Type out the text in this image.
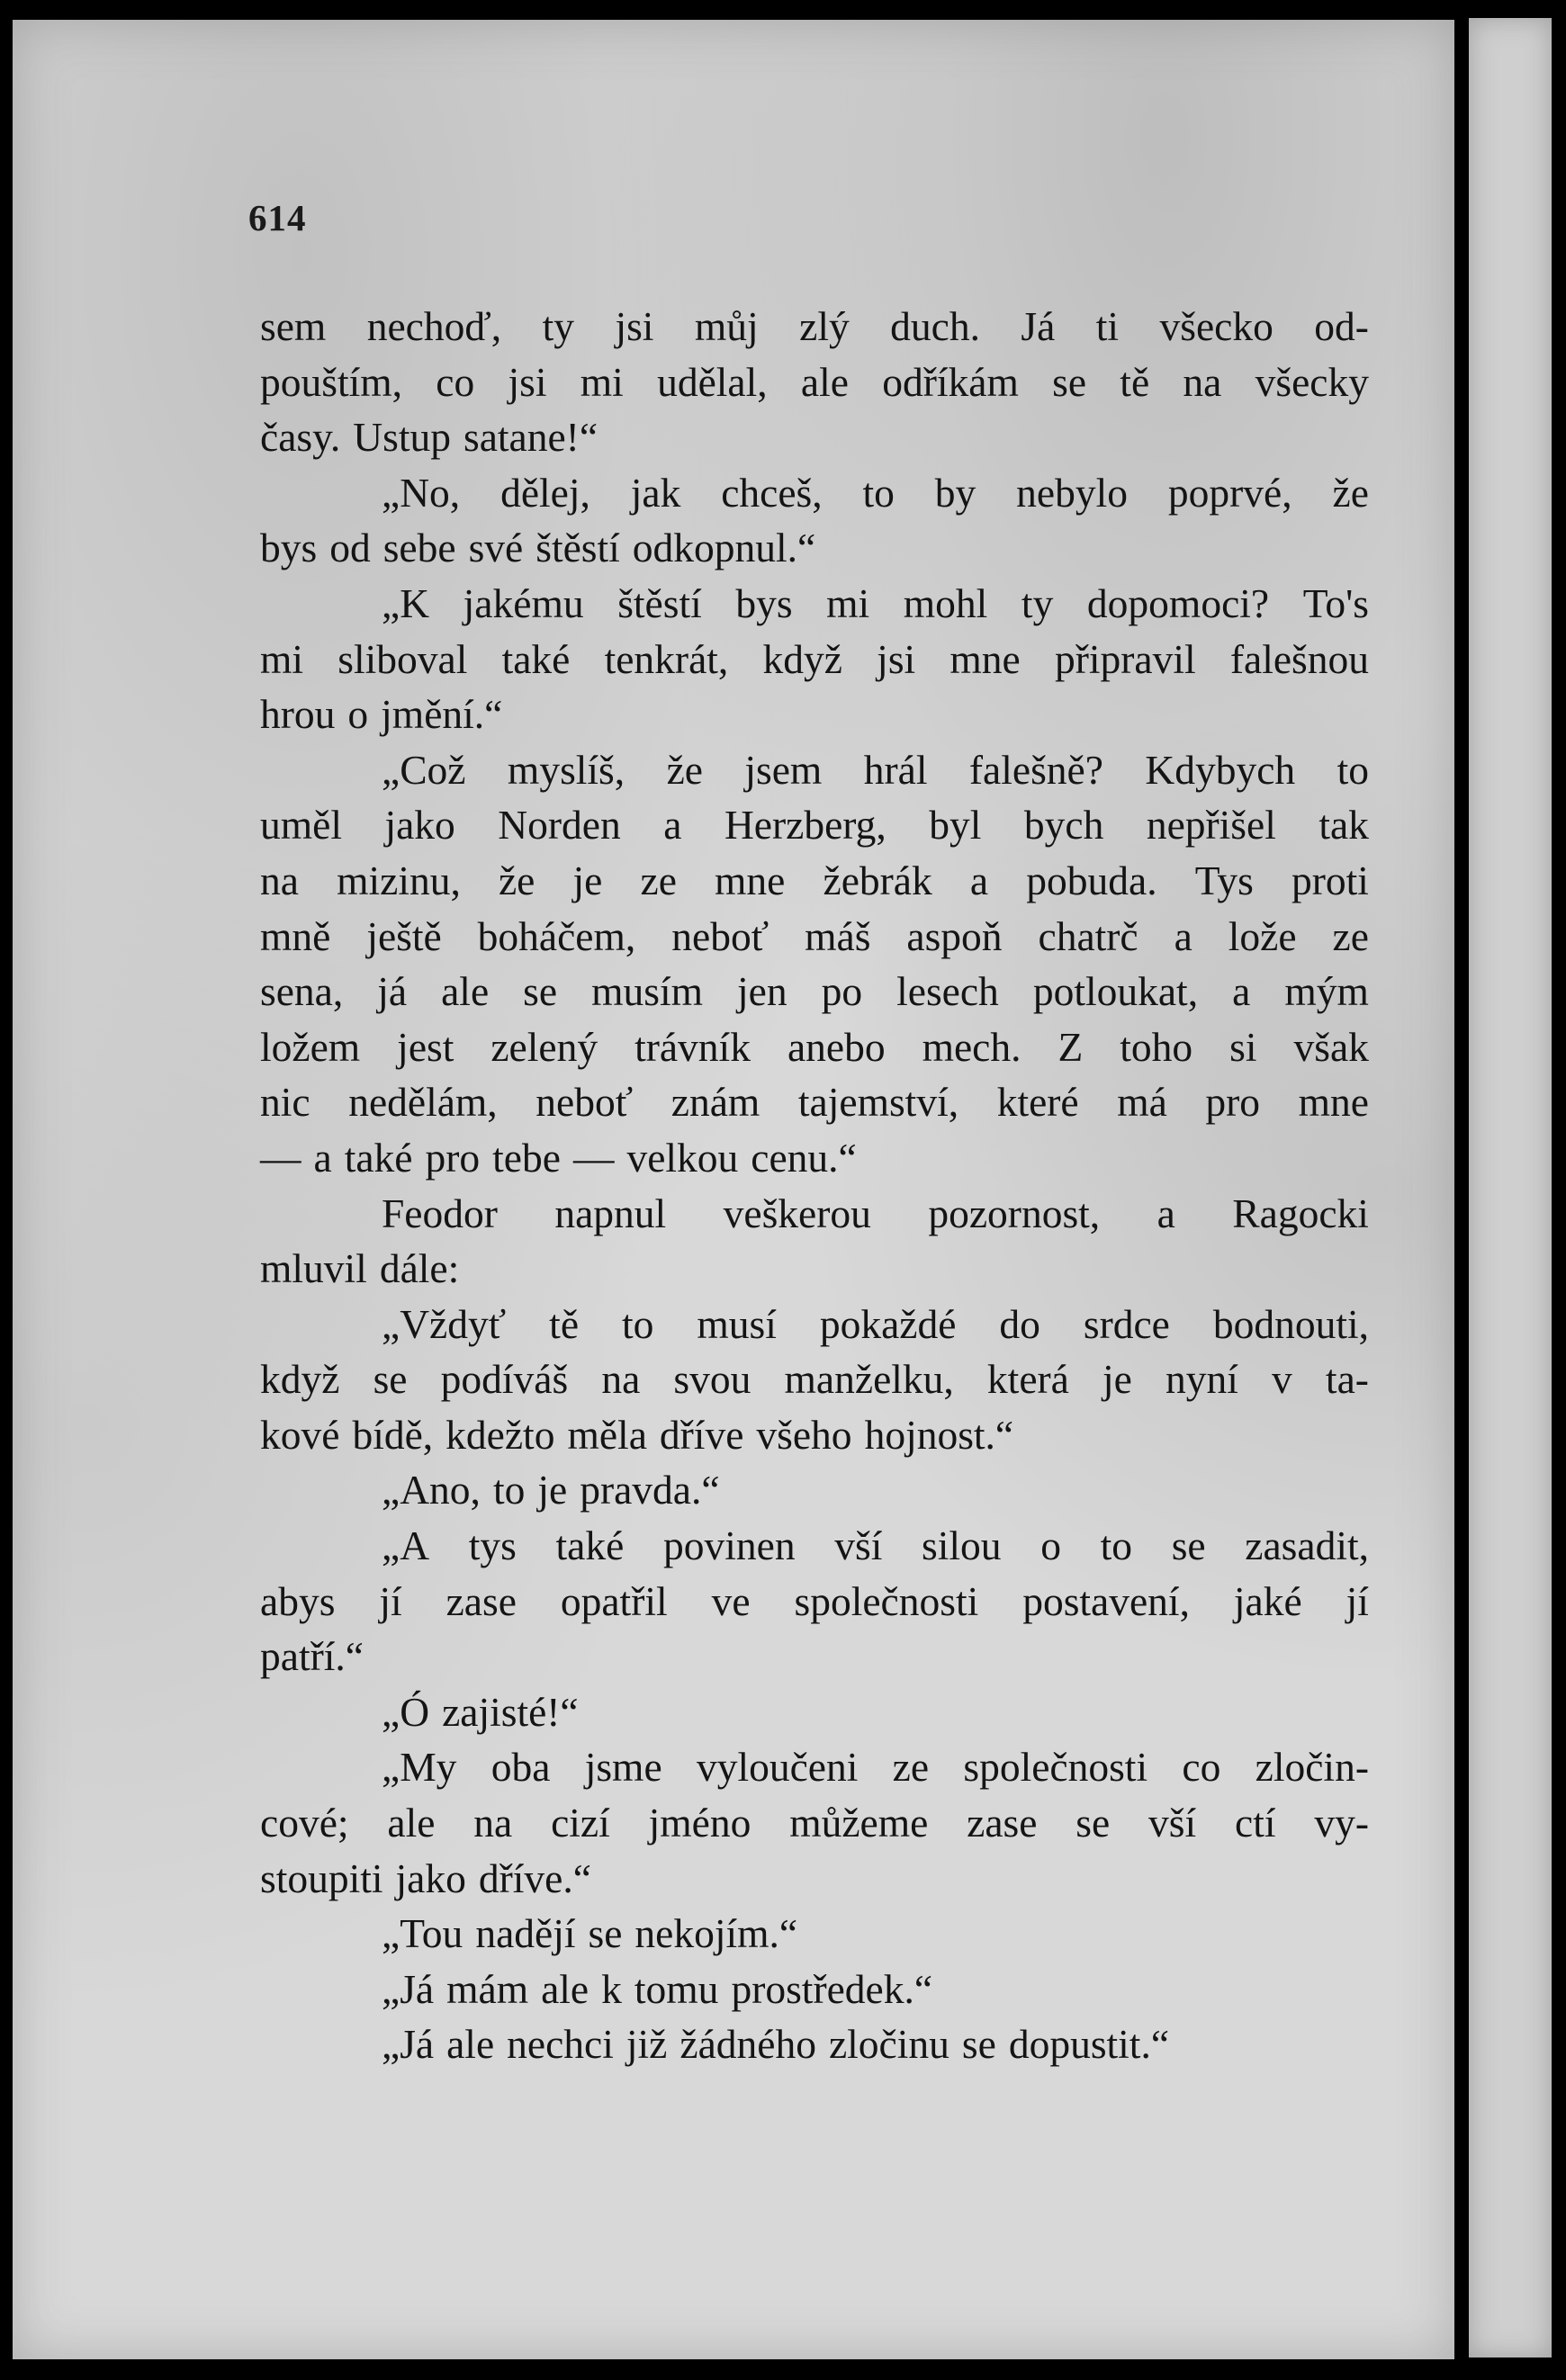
614
sem nechoď, ty jsi můj zlý duch. Já ti všecko od-
pouštím, co jsi mi udělal, ale odříkám se tě na všecky
časy. Ustup satane!“
„No, dělej, jak chceš, to by nebylo poprvé, že
bys od sebe své štěstí odkopnul.“
„K jakému štěstí bys mi mohl ty dopomoci? To's
mi sliboval také tenkrát, když jsi mne připravil falešnou
hrou o jmění.“
„Což myslíš, že jsem hrál falešně? Kdybych to
uměl jako Norden a Herzberg, byl bych nepřišel tak
na mizinu, že je ze mne žebrák a pobuda. Tys proti
mně ještě boháčem, neboť máš aspoň chatrč a lože ze
sena, já ale se musím jen po lesech potloukat, a mým
ložem jest zelený trávník anebo mech. Z toho si však
nic nedělám, neboť znám tajemství, které má pro mne
— a také pro tebe — velkou cenu.“
Feodor napnul veškerou pozornost, a Ragocki
mluvil dále:
„Vždyť tě to musí pokaždé do srdce bodnouti,
když se podíváš na svou manželku, která je nyní v ta-
kové bídě, kdežto měla dříve všeho hojnost.“
„Ano, to je pravda.“
„A tys také povinen vší silou o to se zasadit,
abys jí zase opatřil ve společnosti postavení, jaké jí
patří.“
„Ó zajisté!“
„My oba jsme vyloučeni ze společnosti co zločin-
cové; ale na cizí jméno můžeme zase se vší ctí vy-
stoupiti jako dříve.“
„Tou nadějí se nekojím.“
„Já mám ale k tomu prostředek.“
„Já ale nechci již žádného zločinu se dopustit.“
